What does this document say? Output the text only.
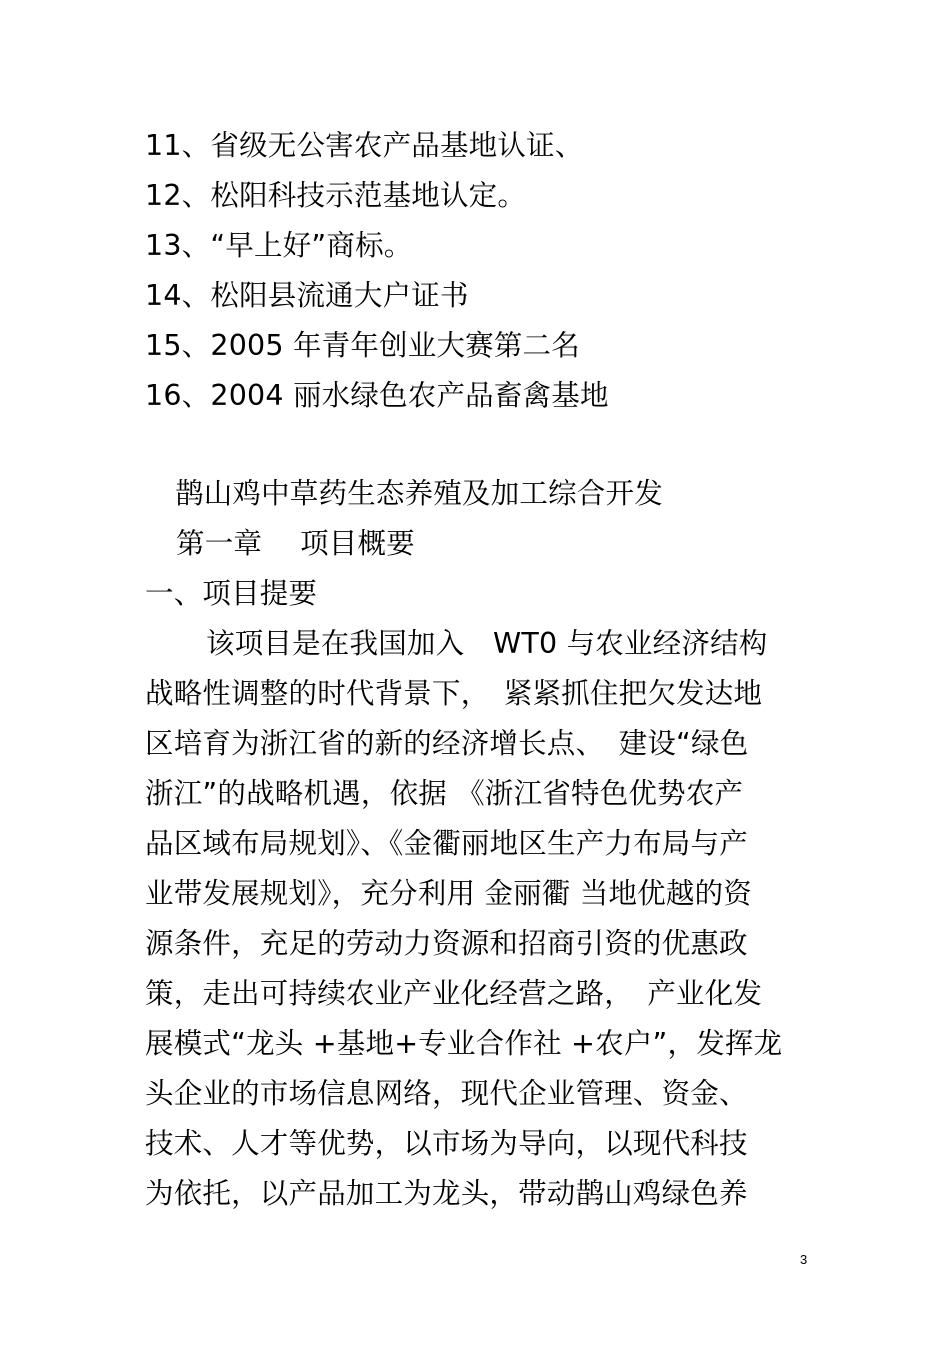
11、省级无公害农产品基地认证、
12、松阳科技示范基地认定。
13、“早上好”商标。
14、松阳县流通大户证书
15、2005 年青年创业大赛第二名
16、2004 丽水绿色农产品畜禽基地
鹊山鸡中草药生态养殖及加工综合开发
第一章 项目概要
一、项目提要
该项目是在我国加入　WT0 与农业经济结构
战略性调整的时代背景下，　紧紧抓住把欠发达地
区培育为浙江省的新的经济增长点、　建设“绿色
浙江”的战略机遇，依据 《浙江省特色优势农产
品区域布局规划》、《金衢丽地区生产力布局与产
业带发展规划》，充分利用 金丽衢 当地优越的资
源条件，充足的劳动力资源和招商引资的优惠政
策，走出可持续农业产业化经营之路，　产业化发
展模式“龙头 +基地+专业合作社 +农户”，发挥龙
头企业的市场信息网络，现代企业管理、资金、
技术、人才等优势，以市场为导向，以现代科技
为依托，以产品加工为龙头，带动鹊山鸡绿色养
3
